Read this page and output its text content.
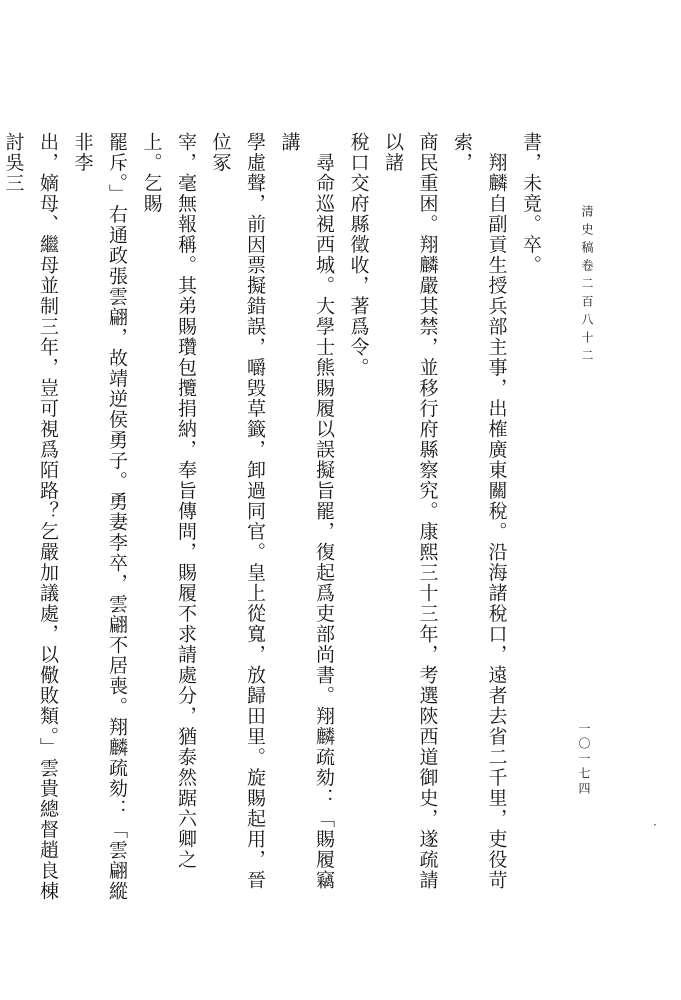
清史稿卷二百八十二
一〇一七四
書，未竟。卒。
　翔麟自副貢生授兵部主事，出榷廣東關稅。沿海諸稅口，遠者去省二千里，吏役苛索，
商民重困。翔麟嚴其禁，並移行府縣察究。康熙三十三年，考選陝西道御史，遂疏請以諸
稅口交府縣徵收，著爲令。
　尋命巡視西城。大學士熊賜履以誤擬旨罷，復起爲吏部尚書。翔麟疏劾：「賜履竊講
學虛聲，前因票擬錯誤，嚼毁草籤，卸過同官。皇上從寬，放歸田里。旋賜起用，晉位冢
宰，毫無報稱。其弟賜瓚包攬捐納，奉旨傳問，賜履不求請處分，猶泰然踞六卿之上。乞賜
罷斥。」右通政張雲翩，故靖逆侯勇子。勇妻李卒，雲翩不居喪。翔麟疏劾：「雲翩縱非李
出，嫡母、繼母並制三年，豈可視爲陌路？乞嚴加議處，以儆敗類。」雲貴總督趙良棟討吳三
·
